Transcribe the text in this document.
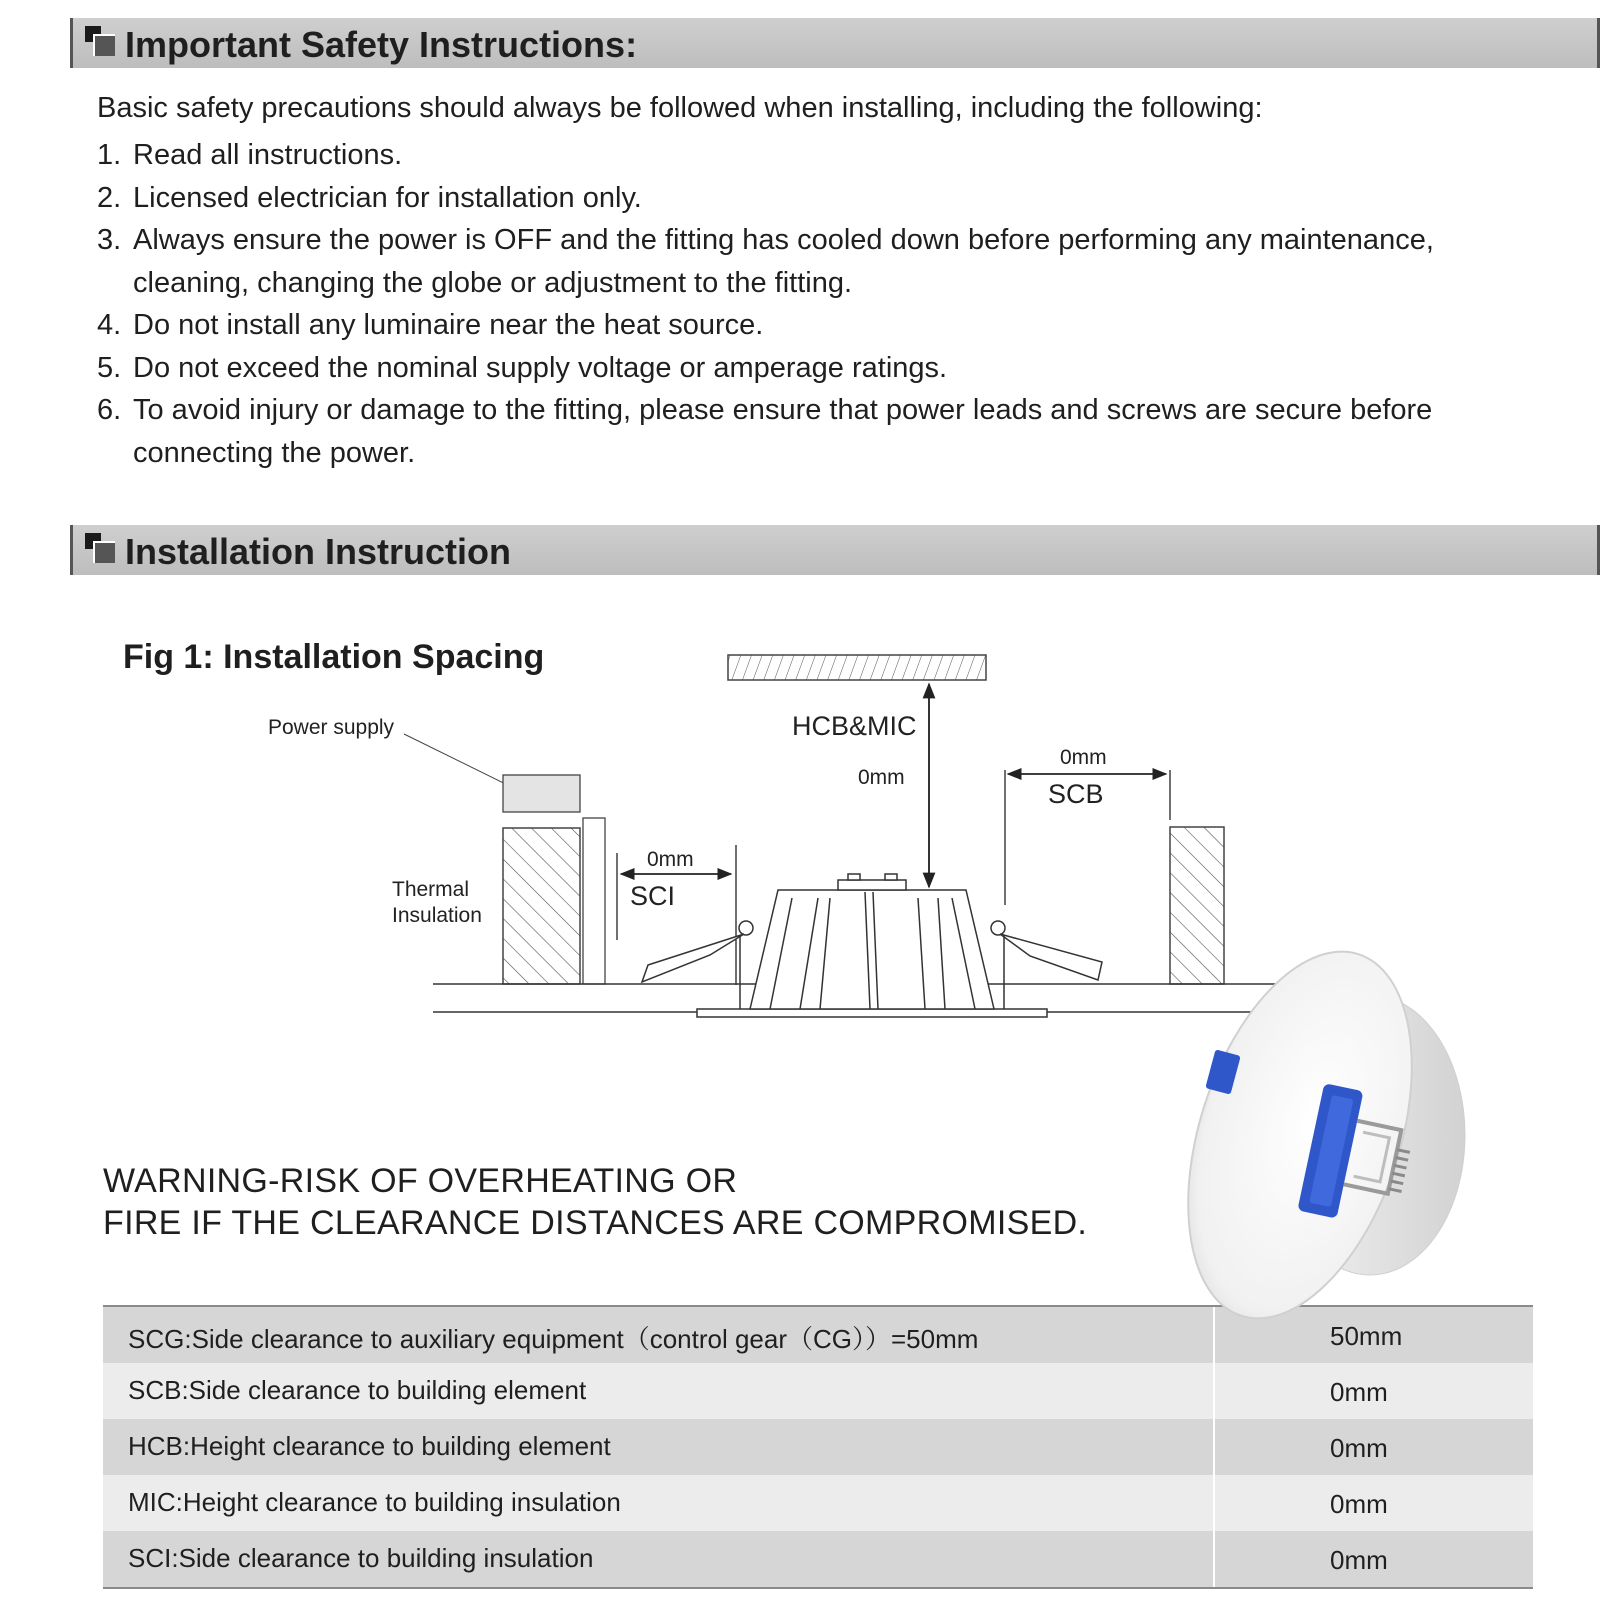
Important Safety Instructions:
Basic safety precautions should always be followed when installing, including the following:
1. Read all instructions.
2. Licensed electrician for installation only.
3. Always ensure the power is OFF and the fitting has cooled down before performing any maintenance, cleaning, changing the globe or adjustment to the fitting.
4. Do not install any luminaire near the heat source.
5. Do not exceed the nominal supply voltage or amperage ratings.
6. To avoid injury or damage to the fitting, please ensure that power leads and screws are secure before connecting the power.
Installation Instruction
Fig 1: Installation Spacing
HCB&MIC
0mm
0mm
SCB
Power supply
Thermal
Insulation
0mm
SCI
WARNING-RISK OF OVERHEATING OR
FIRE IF THE CLEARANCE DISTANCES ARE COMPROMISED.
SCG:Side clearance to auxiliary equipment（control gear（CG））=50mm	50mm
SCB:Side clearance to building element	0mm
HCB:Height clearance to building element	0mm
MIC:Height clearance to building insulation	0mm
SCI:Side clearance to building insulation	0mm
